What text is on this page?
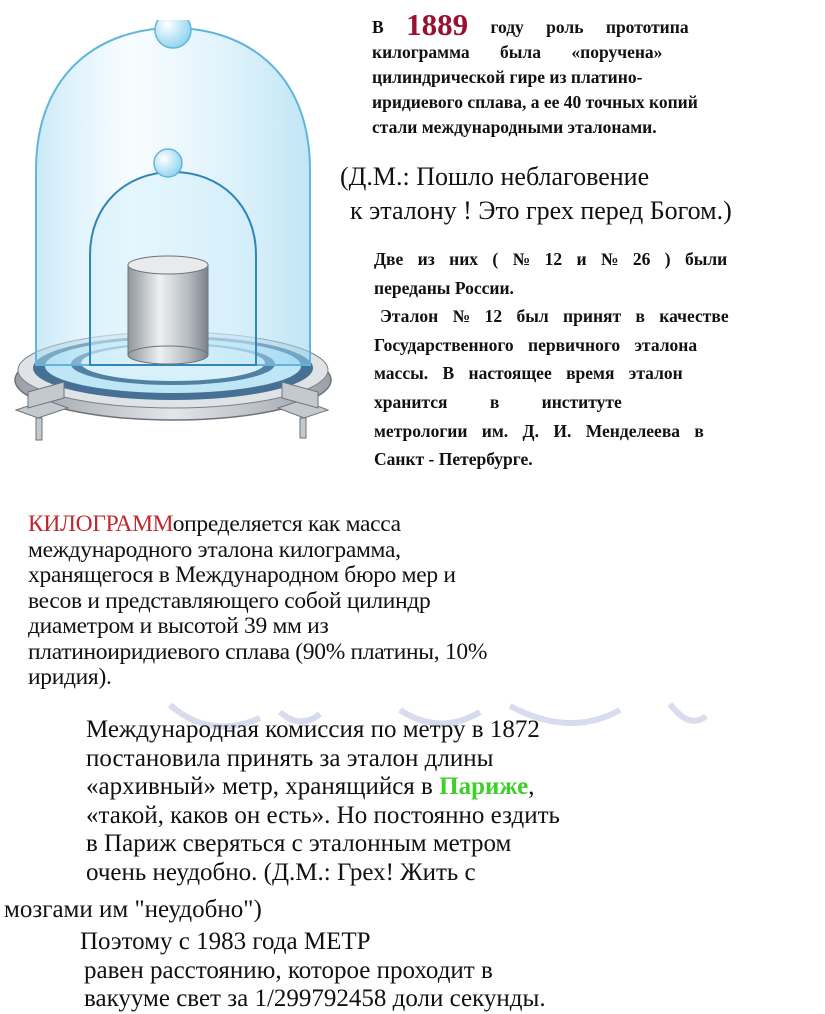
В 1889 году роль прототипа
килограмма была «поручена»
цилиндрической гире из платино-
иридиевого сплава, а ее 40 точных копий
стали международными эталонами.
(Д.М.: Пошло неблаговение
к эталону ! Это грех перед Богом.)
Две из них ( № 12 и № 26 ) были
переданы России.
Эталон № 12 был принят в качестве
Государственного первичного эталона
массы. В настоящее время эталон
хранится в институте
метрологии им. Д. И. Менделеева в
Санкт - Петербурге.
КИЛОГРАММопределяется как масса
международного эталона килограмма,
хранящегося в Международном бюро мер и
весов и представляющего собой цилиндр
диаметром и высотой 39 мм из
платиноиридиевого сплава (90% платины, 10%
иридия).
Международная комиссия по метру в 1872
постановила принять за эталон длины
«архивный» метр, хранящийся в Париже,
«такой, каков он есть». Но постоянно ездить
в Париж сверяться с эталонным метром
очень неудобно. (Д.М.: Грех! Жить с
мозгами им "неудобно")
Поэтому с 1983 года МЕТР
равен расстоянию, которое проходит в
вакууме свет за 1/299792458 доли секунды.
